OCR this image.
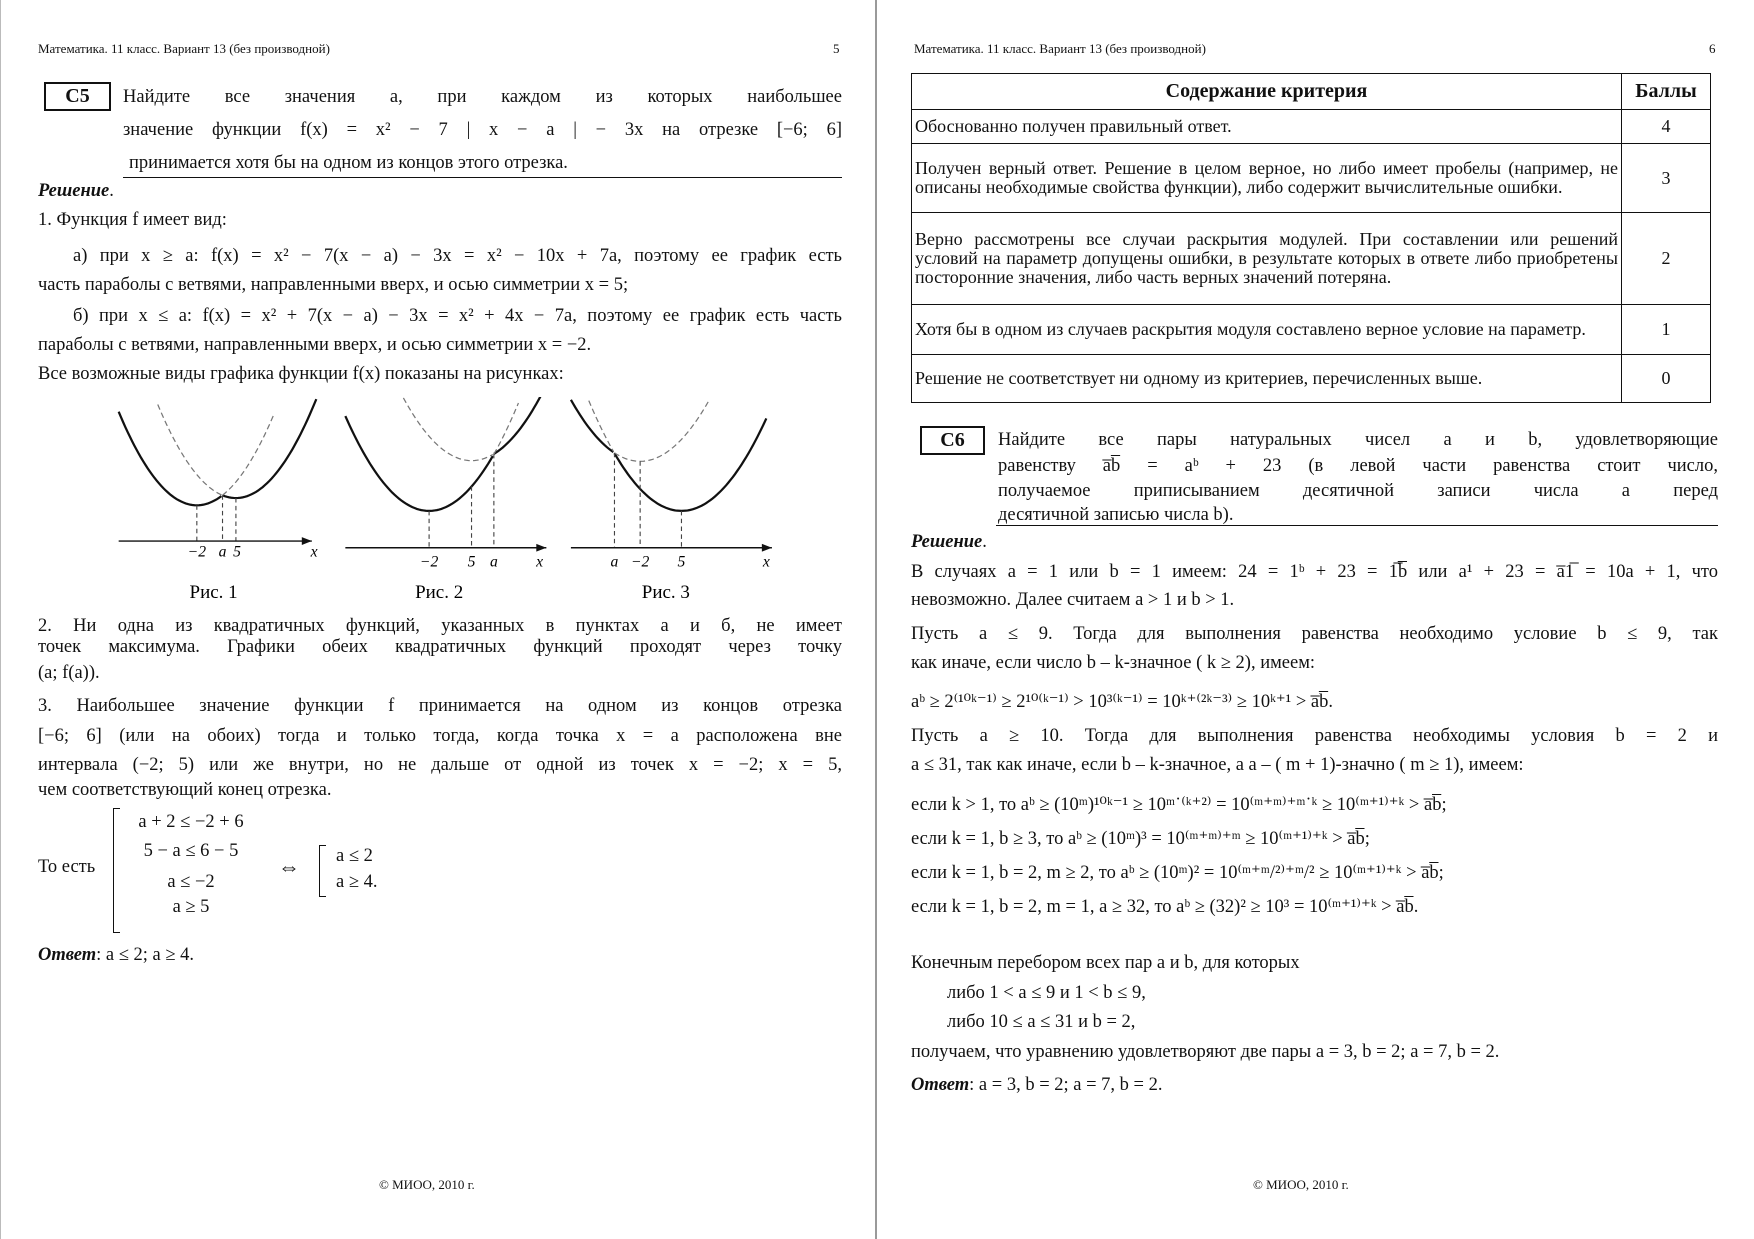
Математика. 11 класс. Вариант 13 (без производной)	5
C5	Найдите все значения a, при каждом из которых наибольшее
значение функции f(x) = x² − 7 | x − a | − 3x на отрезке [−6; 6]
принимается хотя бы на одном из концов этого отрезка.
Решение.
1. Функция f имеет вид:
а) при x ≥ a: f(x) = x² − 7(x − a) − 3x = x² − 10x + 7a, поэтому ее график есть
часть параболы с ветвями, направленными вверх, и осью симметрии x = 5;
б) при x ≤ a: f(x) = x² + 7(x − a) − 3x = x² + 4x − 7a, поэтому ее график есть часть
параболы с ветвями, направленными вверх, и осью симметрии x = −2.
Все возможные виды графика функции f(x) показаны на рисунках:
−2 a 5	x
−2 5 a	x	a −2 5	x
Рис. 1	Рис. 2	Рис. 3
2. Ни одна из квадратичных функций, указанных в пунктах а и б, не имеет
точек максимума. Графики обеих квадратичных функций проходят через точку
(a; f(a)).
3. Наибольшее значение функции f принимается на одном из концов отрезка
[−6; 6] (или на обоих) тогда и только тогда, когда точка x = a расположена вне
интервала (−2; 5) или же внутри, но не дальше от одной из точек x = −2; x = 5,
чем соответствующий конец отрезка.
То есть
a + 2 ≤ −2 + 6
5 − a ≤ 6 − 5
a ≤ −2
a ≥ 5
⇔ a ≤ 2
a ≥ 4.
Ответ: a ≤ 2; a ≥ 4.
© МИОО, 2010 г.
Математика. 11 класс. Вариант 13 (без производной)	6
Содержание критерия	Баллы
Обоснованно получен правильный ответ.	4
Получен верный ответ. Решение в целом верное, но либо имеет пробелы (например, не описаны необходимые свойства функции), либо содержит вычислительные ошибки.	3
Верно рассмотрены все случаи раскрытия модулей. При составлении или решений условий на параметр допущены ошибки, в результате которых в ответе либо приобретены посторонние значения, либо часть верных значений потеряна.	2
Хотя бы в одном из случаев раскрытия модуля составлено верное условие на параметр.	1
Решение не соответствует ни одному из критериев, перечисленных выше.	0
C6	Найдите все пары натуральных чисел a и b, удовлетворяющие
равенству a̅b̅ = aᵇ + 23 (в левой части равенства стоит число,
получаемое приписыванием десятичной записи числа a перед
десятичной записью числа b).
Решение.
В случаях a = 1 или b = 1 имеем: 24 = 1ᵇ + 23 = 1̅b̅ или a¹ + 23 = a̅1̅ = 10a + 1, что
невозможно. Далее считаем a > 1 и b > 1.
Пусть a ≤ 9. Тогда для выполнения равенства необходимо условие b ≤ 9, так
как иначе, если число b – k-значное ( k ≥ 2), имеем:
aᵇ ≥ 2⁽¹⁰ᵏ⁻¹⁾ ≥ 2¹⁰⁽ᵏ⁻¹⁾ > 10³⁽ᵏ⁻¹⁾ = 10ᵏ⁺⁽²ᵏ⁻³⁾ ≥ 10ᵏ⁺¹ > a̅b̅.
Пусть a ≥ 10. Тогда для выполнения равенства необходимы условия b = 2 и
a ≤ 31, так как иначе, если b – k-значное, а a – ( m + 1)-значно ( m ≥ 1), имеем:
если k > 1, то aᵇ ≥ (10ᵐ)¹⁰ᵏ⁻¹ ≥ 10ᵐ˙⁽ᵏ⁺²⁾ = 10⁽ᵐ⁺ᵐ⁾⁺ᵐ˙ᵏ ≥ 10⁽ᵐ⁺¹⁾⁺ᵏ > a̅b̅;
если k = 1, b ≥ 3, то aᵇ ≥ (10ᵐ)³ = 10⁽ᵐ⁺ᵐ⁾⁺ᵐ ≥ 10⁽ᵐ⁺¹⁾⁺ᵏ > a̅b̅;
если k = 1, b = 2, m ≥ 2, то aᵇ ≥ (10ᵐ)² = 10⁽ᵐ⁺ᵐ/²⁾⁺ᵐ/² ≥ 10⁽ᵐ⁺¹⁾⁺ᵏ > a̅b̅;
если k = 1, b = 2, m = 1, a ≥ 32, то aᵇ ≥ (32)² ≥ 10³ = 10⁽ᵐ⁺¹⁾⁺ᵏ > a̅b̅.
Конечным перебором всех пар a и b, для которых
либо 1 < a ≤ 9 и 1 < b ≤ 9,
либо 10 ≤ a ≤ 31 и b = 2,
получаем, что уравнению удовлетворяют две пары a = 3, b = 2; a = 7, b = 2.
Ответ: a = 3, b = 2; a = 7, b = 2.
© МИОО, 2010 г.
